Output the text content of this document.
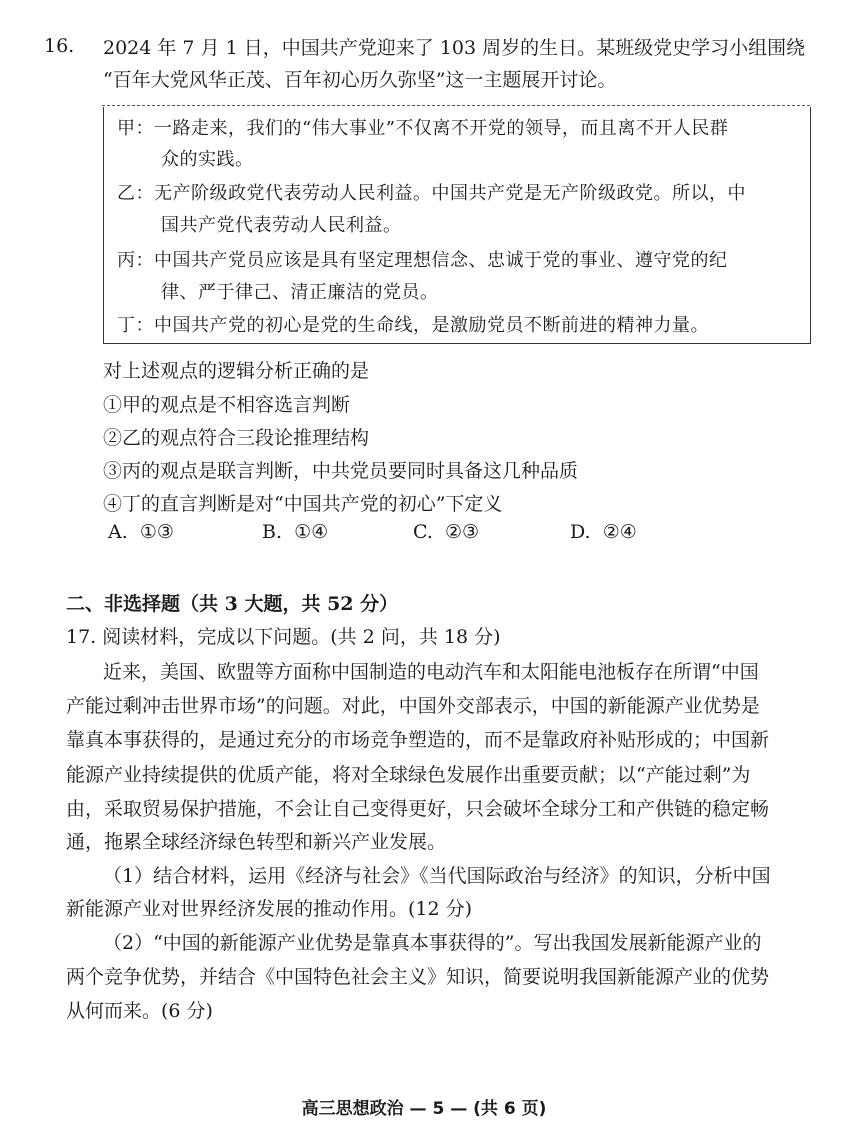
16. 2024 年 7 月 1 日，中国共产党迎来了 103 周岁的生日。某班级党史学习小组围绕
“百年大党风华正茂、百年初心历久弥坚”这一主题展开讨论。
甲：一路走来，我们的“伟大事业”不仅离不开党的领导，而且离不开人民群
众的实践。
乙：无产阶级政党代表劳动人民利益。中国共产党是无产阶级政党。所以，中
国共产党代表劳动人民利益。
丙：中国共产党员应该是具有坚定理想信念、忠诚于党的事业、遵守党的纪
律、严于律己、清正廉洁的党员。
丁：中国共产党的初心是党的生命线，是激励党员不断前进的精神力量。
对上述观点的逻辑分析正确的是
①甲的观点是不相容选言判断
②乙的观点符合三段论推理结构
③丙的观点是联言判断，中共党员要同时具备这几种品质
④丁的直言判断是对“中国共产党的初心”下定义
A. ①③	B. ①④	C. ②③	D. ②④
二、非选择题（共 3 大题，共 52 分）
17. 阅读材料，完成以下问题。(共 2 问，共 18 分)
近来，美国、欧盟等方面称中国制造的电动汽车和太阳能电池板存在所谓“中国
产能过剩冲击世界市场”的问题。对此，中国外交部表示，中国的新能源产业优势是
靠真本事获得的，是通过充分的市场竞争塑造的，而不是靠政府补贴形成的；中国新
能源产业持续提供的优质产能，将对全球绿色发展作出重要贡献；以“产能过剩”为
由，采取贸易保护措施，不会让自己变得更好，只会破坏全球分工和产供链的稳定畅
通，拖累全球经济绿色转型和新兴产业发展。
（1）结合材料，运用《经济与社会》《当代国际政治与经济》的知识，分析中国
新能源产业对世界经济发展的推动作用。(12 分)
（2）“中国的新能源产业优势是靠真本事获得的”。写出我国发展新能源产业的
两个竞争优势，并结合《中国特色社会主义》知识，简要说明我国新能源产业的优势
从何而来。(6 分)
高三思想政治 — 5 — (共 6 页)
